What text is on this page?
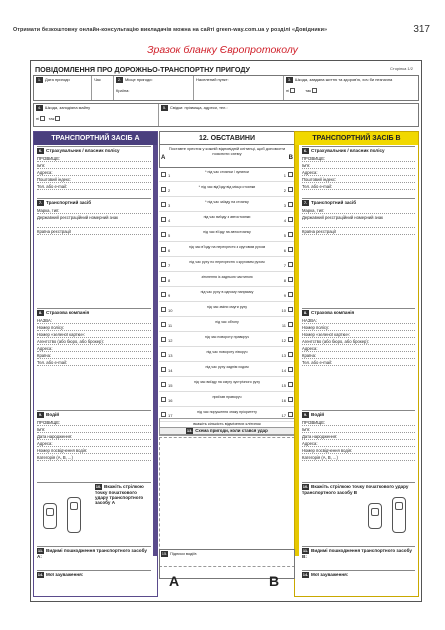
Отримати безкоштовну онлайн-консультацію викладачів можна на сайті green-way.com.ua у розділі «Довідники»	317
Зразок бланку Європротоколу
ПОВІДОМЛЕННЯ ПРО ДОРОЖНЬО-ТРАНСПОРТНУ ПРИГОДУ	Сторінка 1/2
1. Дата пригоди	Час	2. Місце пригоди:

Країна:
Населений пункт:	3. Шкода, завдана життю та здоров'ю, хоч би незначна

ні	так
4. Шкода, заподіяна майну

ні так
5. Свідки: прізвища, адреси, тел.:
ТРАНСПОРТНИЙ ЗАСІБ А
6. Страхувальник / власник полісу
ПРІЗВИЩЕ:
Ім'я:
Адреса:
Поштовий індекс:
Тел. або e-mail:
7. Транспортний засіб
Марка, тип:
Державний реєстраційний номерний знак
Країна реєстрації
8. Страхова компанія
НАЗВА:
Номер полісу:
Номер «зеленої картки»:
Агентство (або бюро, або брокер):
Адреса:
Країна:
Тел. або e-mail:
9. Водій
ПРІЗВИЩЕ:
Ім'я:
Дата народження:
Адреса:
Номер посвідчення водія:
Категорія (А, В, ...)
10. Вкажіть стрілкою точку початкового удару транспортного засобу А
11. Видимі пошкодження транспортного засобу А:
14. Мої зауваження:
12. ОБСТАВИНИ
Поставте хрестик у кожній відповідній клітинці, щоб допомогти пояснити схему

A	B
1
* під час стоянки / зупинки
1
2
* під час від'їзду від місця стоянки
2
3
* під час заїзду на стоянку
3
4
під час виїзду з автостоянки
4
5
під час в'їзду на автостоянку
5
6
під час в'їзду на перехрестя з круговим рухом
6
7
під час руху по перехрестю з круговим рухом
7
8
зіткнення із задньою частиною
8
9
під час руху в одному напрямку
9
10
під час зміни смуги руху
10
11
під час обгону
11
12
під час повороту праворуч
12
13
під час повороту ліворуч
13
14
під час руху заднім ходом
14
15
під час виїзду на смугу зустрічного руху
15
16
приїхав праворуч
16
17
під час порушення знаку пріоритету
17
вкажіть кількість відмічених клітинок
13. Схема пригоди, коли стався удар
ТРАНСПОРТНИЙ ЗАСІБ В
6. Страхувальник / власник полісу
ПРІЗВИЩЕ:
Ім'я:
Адреса:
Поштовий індекс:
Тел. або e-mail:
7. Транспортний засіб
Марка, тип:
Державний реєстраційний номерний знак
Країна реєстрації
8. Страхова компанія
НАЗВА:
Номер полісу:
Номер «зеленої картки»:
Агентство (або бюро, або брокер):
Адреса:
Країна:
Тел. або e-mail:
9. Водій
ПРІЗВИЩЕ:
Ім'я:
Дата народження:
Адреса:
Номер посвідчення водія:
Категорія (А, В, ...)
10. Вкажіть стрілкою точку початкового удару транспортного засобу В
11. Видимі пошкодження транспортного засобу В:
14. Мої зауваження:
15. Підписи водіїв
A	B
